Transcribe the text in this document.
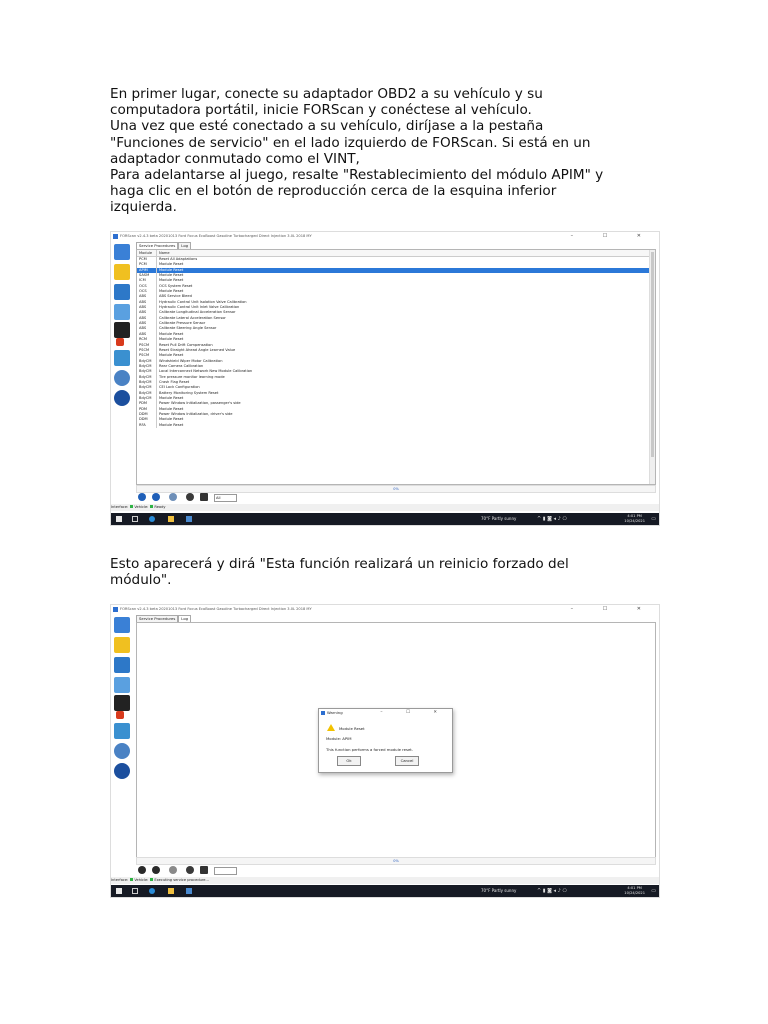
En primer lugar, conecte su adaptador OBD2 a su vehículo y su

computadora portátil, inicie FORScan y conéctese al vehículo.

Una vez que esté conectado a su vehículo, diríjase a la pestaña

"Funciones de servicio" en el lado izquierdo de FORScan. Si está en un

adaptador conmutado como el VINT,

Para adelantarse al juego, resalte "Restablecimiento del módulo APIM" y

haga clic en el botón de reproducción cerca de la esquina inferior

izquierda.

FORScan v2.4.3 beta 20201013 Ford Focus EcoBoost Gasoline Turbocharged Direct Injection 3.0L 2018 MY	– ☐ ✕
Service Procedures Log
Module Name
PCM	Reset All Adaptations
PCM	Module Reset
APIM	Module Reset
SASM	Module Reset
ICM	Module Reset
OCS	OCS System Reset
OCS	Module Reset
ABS	ABS Service Bleed
ABS	Hydraulic Control Unit Isolation Valve Calibration
ABS	Hydraulic Control Unit Inlet Valve Calibration
ABS	Calibrate Longitudinal Acceleration Sensor
ABS	Calibrate Lateral Acceleration Sensor
ABS	Calibrate Pressure Sensor
ABS	Calibrate Steering Angle Sensor
ABS	Module Reset
RCM	Module Reset
PSCM	Reset Pull Drift Compensation
PSCM	Reset Straight Ahead Angle Learned Value
PSCM	Module Reset
BdyCM Windshield Wiper Motor Calibration
BdyCM Rear Camera Calibration
BdyCM Local Interconnect Network New Module Calibration
BdyCM Tire pressure monitor learning mode
BdyCM Crash Flag Reset
BdyCM CEI Lock Configuration
BdyCM Battery Monitoring System Reset
BdyCM Module Reset
PDM	Power Window Initialization, passenger's side
PDM	Module Reset
DDM	Power Window Initialization, driver's side
DDM	Module Reset
RFA	Module Reset
0%
All
Interface: Vehicle: Ready
70°F Partly sunny	^ ▮ ◙ ◂ ♪ ⎔	4:01 PM
10/24/2021 ▭

Esto aparecerá y dirá "Esta función realizará un reinicio forzado del

módulo".

FORScan v2.4.3 beta 20201013 Ford Focus EcoBoost Gasoline Turbocharged Direct Injection 3.0L 2018 MY	– ☐ ✕
Service Procedures Log
Warning	– ☐ ✕
Module Reset
Module: APIM
This function performs a forced module reset.
Ok	Cancel
0%
Interface: Vehicle: Executing service procedure...
70°F Partly sunny	^ ▮ ◙ ◂ ♪ ⎔	4:01 PM
10/24/2021 ▭
